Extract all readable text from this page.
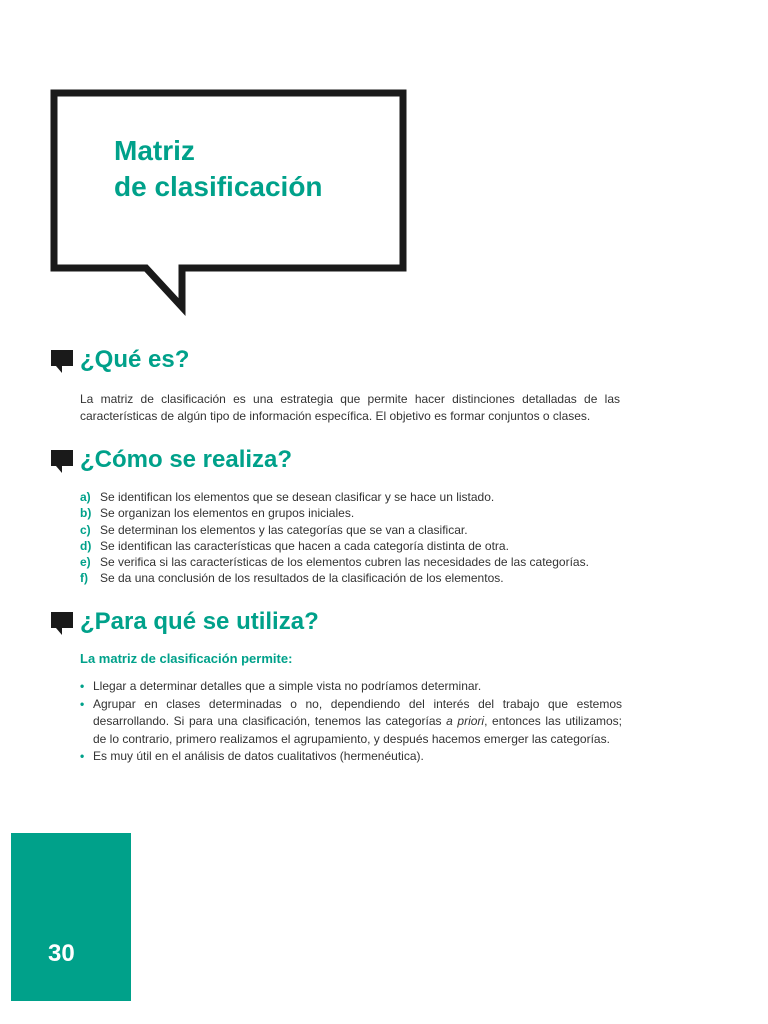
Matriz
de clasificación
¿Qué es?
La matriz de clasificación es una estrategia que permite hacer distinciones detalladas de las características de algún tipo de información específica. El objetivo es formar conjuntos o clases.
¿Cómo se realiza?
a) Se identifican los elementos que se desean clasificar y se hace un listado.
b) Se organizan los elementos en grupos iniciales.
c) Se determinan los elementos y las categorías que se van a clasificar.
d) Se identifican las características que hacen a cada categoría distinta de otra.
e) Se verifica si las características de los elementos cubren las necesidades de las categorías.
f) Se da una conclusión de los resultados de la clasificación de los elementos.
¿Para qué se utiliza?
La matriz de clasificación permite:
• Llegar a determinar detalles que a simple vista no podríamos determinar.
• Agrupar en clases determinadas o no, dependiendo del interés del trabajo que estemos desarrollando. Si para una clasificación, tenemos las categorías a priori, entonces las utilizamos; de lo contrario, primero realizamos el agrupamiento, y después hacemos emerger las categorías.
• Es muy útil en el análisis de datos cualitativos (hermenéutica).
30
